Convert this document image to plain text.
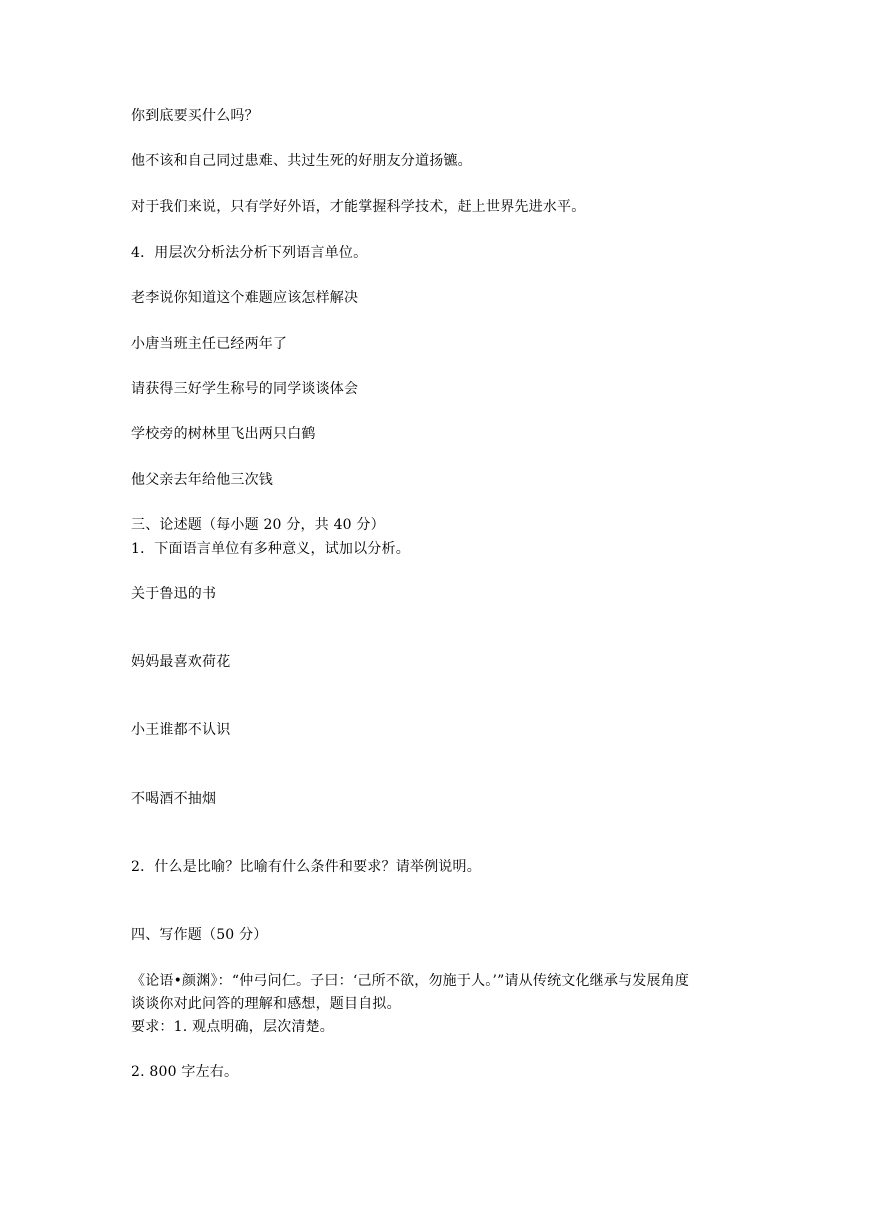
你到底要买什么吗？
他不该和自己同过患难、共过生死的好朋友分道扬镳。
对于我们来说，只有学好外语，才能掌握科学技术，赶上世界先进水平。
4．用层次分析法分析下列语言单位。
老李说你知道这个难题应该怎样解决
小唐当班主任已经两年了
请获得三好学生称号的同学谈谈体会
学校旁的树林里飞出两只白鹤
他父亲去年给他三次钱
三、论述题（每小题 20 分，共 40 分）
1．下面语言单位有多种意义，试加以分析。
关于鲁迅的书
妈妈最喜欢荷花
小王谁都不认识
不喝酒不抽烟
2．什么是比喻？比喻有什么条件和要求？请举例说明。
四、写作题（50 分）
《论语•颜渊》：“仲弓问仁。子曰：‘己所不欲，勿施于人。’”请从传统文化继承与发展角度
谈谈你对此问答的理解和感想，题目自拟。
要求：1. 观点明确，层次清楚。
2. 800 字左右。
